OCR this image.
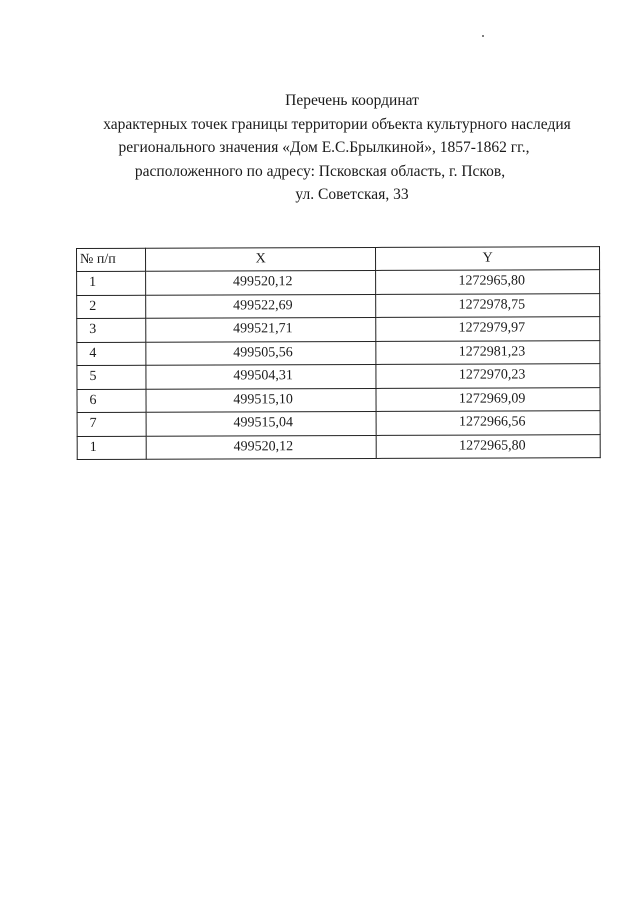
Перечень координат
характерных точек границы территории объекта культурного наследия
регионального значения «Дом Е.С.Брылкиной», 1857-1862 гг.,
расположенного по адресу: Псковская область, г. Псков,
ул. Советская, 33
№ п/п	X	Y
1	499520,12	1272965,80
2	499522,69	1272978,75
3	499521,71	1272979,97
4	499505,56	1272981,23
5	499504,31	1272970,23
6	499515,10	1272969,09
7	499515,04	1272966,56
1	499520,12	1272965,80
